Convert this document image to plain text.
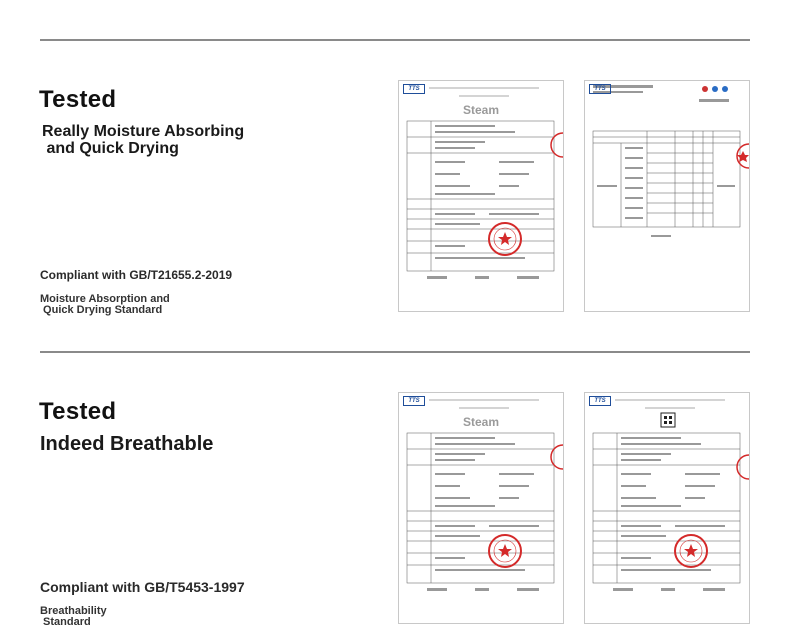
Tested
Really Moisture Absorbing
and Quick Drying
Compliant with GB/T21655.2-2019
Moisture Absorption and
Quick Drying Standard
Tested
Indeed Breathable
Compliant with GB/T5453-1997
Breathability
Standard
TTS
Steam
TTS
TTS
Steam
TTS
